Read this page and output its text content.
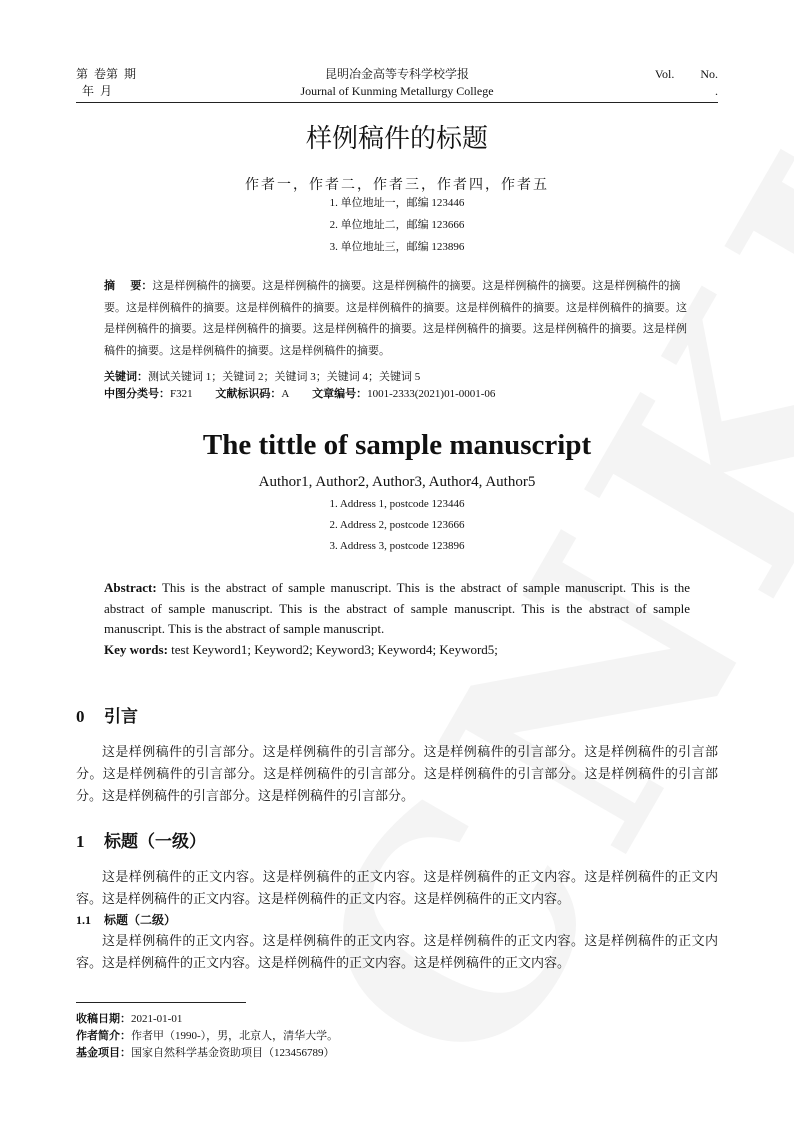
第  卷第  期
年  月
昆明冶金高等专科学校学报
Journal of Kunming Metallurgy College
Vol. No.
.
样例稿件的标题
作者一，作者二，作者三，作者四，作者五
1. 单位地址一，邮编 123446
2. 单位地址二，邮编 123666
3. 单位地址三，邮编 123896
摘    要：这是样例稿件的摘要。这是样例稿件的摘要。这是样例稿件的摘要。这是样例稿件的摘要。这是样例稿件的摘要。这是样例稿件的摘要。这是样例稿件的摘要。这是样例稿件的摘要。这是样例稿件的摘要。这是样例稿件的摘要。这是样例稿件的摘要。这是样例稿件的摘要。这是样例稿件的摘要。这是样例稿件的摘要。这是样例稿件的摘要。这是样例稿件的摘要。这是样例稿件的摘要。这是样例稿件的摘要。
关键词：测试关键词 1；关键词 2；关键词 3；关键词 4；关键词 5
中图分类号：F321 文献标识码：A 文章编号：1001-2333(2021)01-0001-06
The tittle of sample manuscript
Author1, Author2, Author3, Author4, Author5
1. Address 1, postcode 123446
2. Address 2, postcode 123666
3. Address 3, postcode 123896
Abstract: This is the abstract of sample manuscript. This is the abstract of sample manuscript. This is the abstract of sample manuscript. This is the abstract of sample manuscript. This is the abstract of sample manuscript. This is the abstract of sample manuscript.
Key words: test Keyword1; Keyword2; Keyword3; Keyword4; Keyword5;
0 引言
这是样例稿件的引言部分。这是样例稿件的引言部分。这是样例稿件的引言部分。这是样例稿件的引言部分。这是样例稿件的引言部分。这是样例稿件的引言部分。这是样例稿件的引言部分。这是样例稿件的引言部分。这是样例稿件的引言部分。这是样例稿件的引言部分。
1 标题（一级）
这是样例稿件的正文内容。这是样例稿件的正文内容。这是样例稿件的正文内容。这是样例稿件的正文内容。这是样例稿件的正文内容。这是样例稿件的正文内容。这是样例稿件的正文内容。
1.1 标题（二级）
这是样例稿件的正文内容。这是样例稿件的正文内容。这是样例稿件的正文内容。这是样例稿件的正文内容。这是样例稿件的正文内容。这是样例稿件的正文内容。这是样例稿件的正文内容。
收稿日期：2021-01-01
作者简介：作者甲（1990-），男，北京人，清华大学。
基金项目：国家自然科学基金资助项目（123456789）
